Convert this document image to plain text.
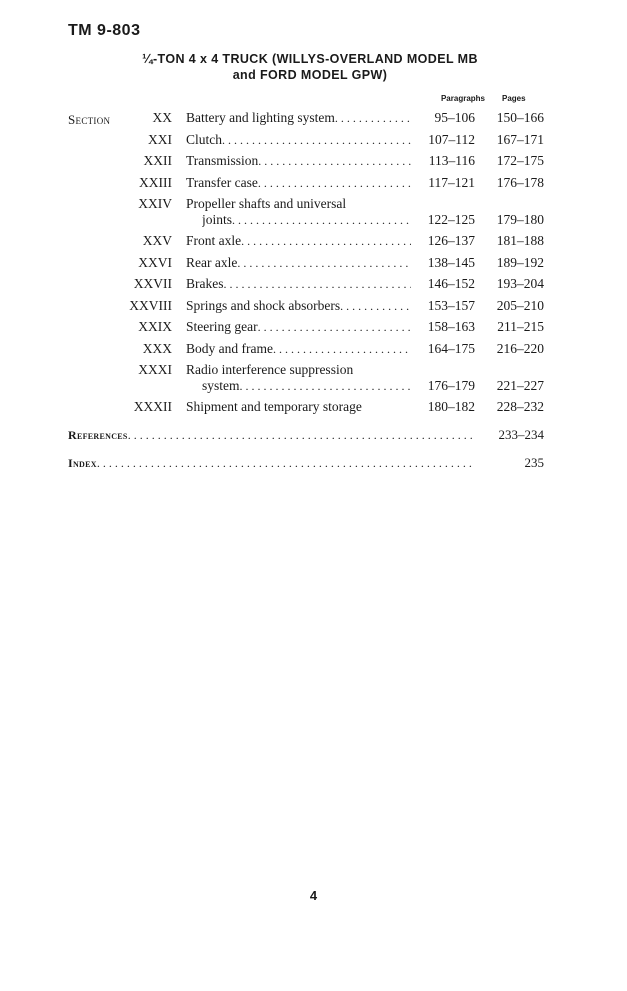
TM 9-803
¼-TON 4 x 4 TRUCK (WILLYS-OVERLAND MODEL MB
and FORD MODEL GPW)
Paragraphs Pages
Section	XX Battery and lighting system . . .	95–106	150–166
XXI Clutch . . .	107–112	167–171
XXII Transmission . . .	113–116	172–175
XXIII Transfer case . . .	117–121	176–178
XXIV Propeller shafts and universal
joints . . .	122–125	179–180
XXV Front axle . . .	126–137	181–188
XXVI Rear axle . . .	138–145	189–192
XXVII Brakes . . .	146–152	193–204
XXVIII Springs and shock absorbers . . .	153–157	205–210
XXIX Steering gear . . .	158–163	211–215
XXX Body and frame . . .	164–175	216–220
XXXI Radio interference suppression
system . . .	176–179	221–227
XXXII Shipment and temporary storage	180–182	228–232
References . . .	233–234
Index . . .	235
4
